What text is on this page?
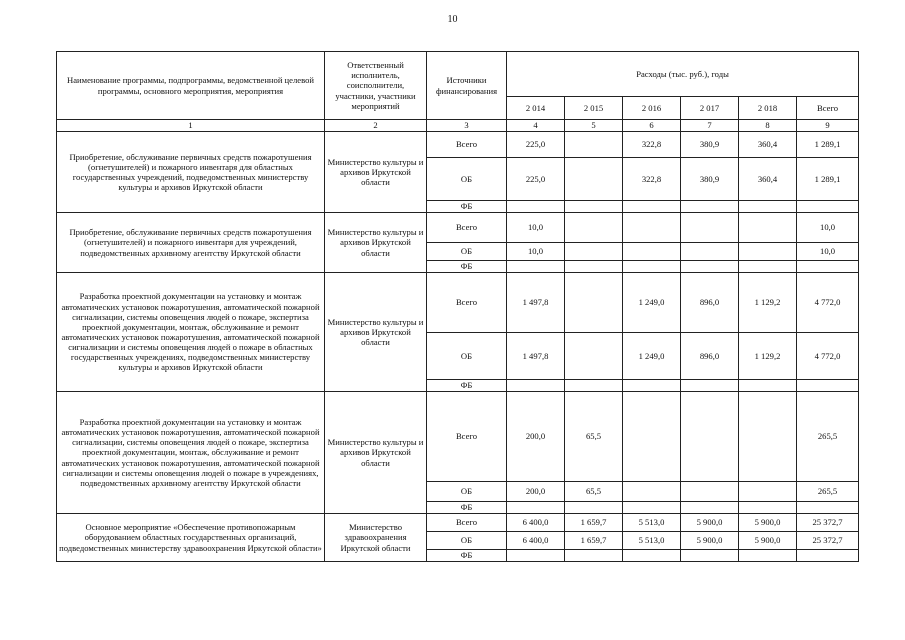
10
Наименование программы, подпрограммы, ведомственной целевой программы, основного мероприятия, мероприятия	Ответственный исполнитель, соисполнители, участники, участники мероприятий	Источники финансирования	Расходы (тыс. руб.), годы					
			2 014	2 015	2 016	2 017	2 018	Всего
1	2	3	4	5	6	7	8	9
Приобретение, обслуживание первичных средств пожаротушения (огнетушителей) и пожарного инвентаря для областных государственных учреждений, подведомственных министерству культуры и архивов Иркутской области	Министерство культуры и архивов Иркутской области	Всего	225,0		322,8	380,9	360,4	1 289,1
		ОБ	225,0		322,8	380,9	360,4	1 289,1
		ФБ						
Приобретение, обслуживание первичных средств пожаротушения (огнетушителей) и пожарного инвентаря для учреждений, подведомственных архивному агентству Иркутской области	Министерство культуры и архивов Иркутской области	Всего	10,0					10,0
		ОБ	10,0					10,0
		ФБ						
Разработка проектной документации на установку и монтаж автоматических установок пожаротушения, автоматической пожарной сигнализации, системы оповещения людей о пожаре, экспертиза проектной документации, монтаж, обслуживание и ремонт автоматических установок пожаротушения, автоматической пожарной сигнализации и системы оповещения людей о пожаре в областных государственных учреждениях, подведомственных министерству культуры и архивов Иркутской области	Министерство культуры и архивов Иркутской области	Всего	1 497,8		1 249,0	896,0	1 129,2	4 772,0
		ОБ	1 497,8		1 249,0	896,0	1 129,2	4 772,0
		ФБ						
Разработка проектной документации на установку и монтаж автоматических установок пожаротушения, автоматической пожарной сигнализации, системы оповещения людей о пожаре, экспертиза проектной документации, монтаж, обслуживание и ремонт автоматических установок пожаротушения, автоматической пожарной сигнализации и системы оповещения людей о пожаре в учреждениях, подведомственных архивному агентству Иркутской области	Министерство культуры и архивов Иркутской области	Всего	200,0	65,5				265,5
		ОБ	200,0	65,5				265,5
		ФБ						
Основное мероприятие «Обеспечение противопожарным оборудованием областных государственных организаций, подведомственных министерству здравоохранения Иркутской области»	Министерство здравоохранения Иркутской области	Всего	6 400,0	1 659,7	5 513,0	5 900,0	5 900,0	25 372,7
		ОБ	6 400,0	1 659,7	5 513,0	5 900,0	5 900,0	25 372,7
		ФБ						
